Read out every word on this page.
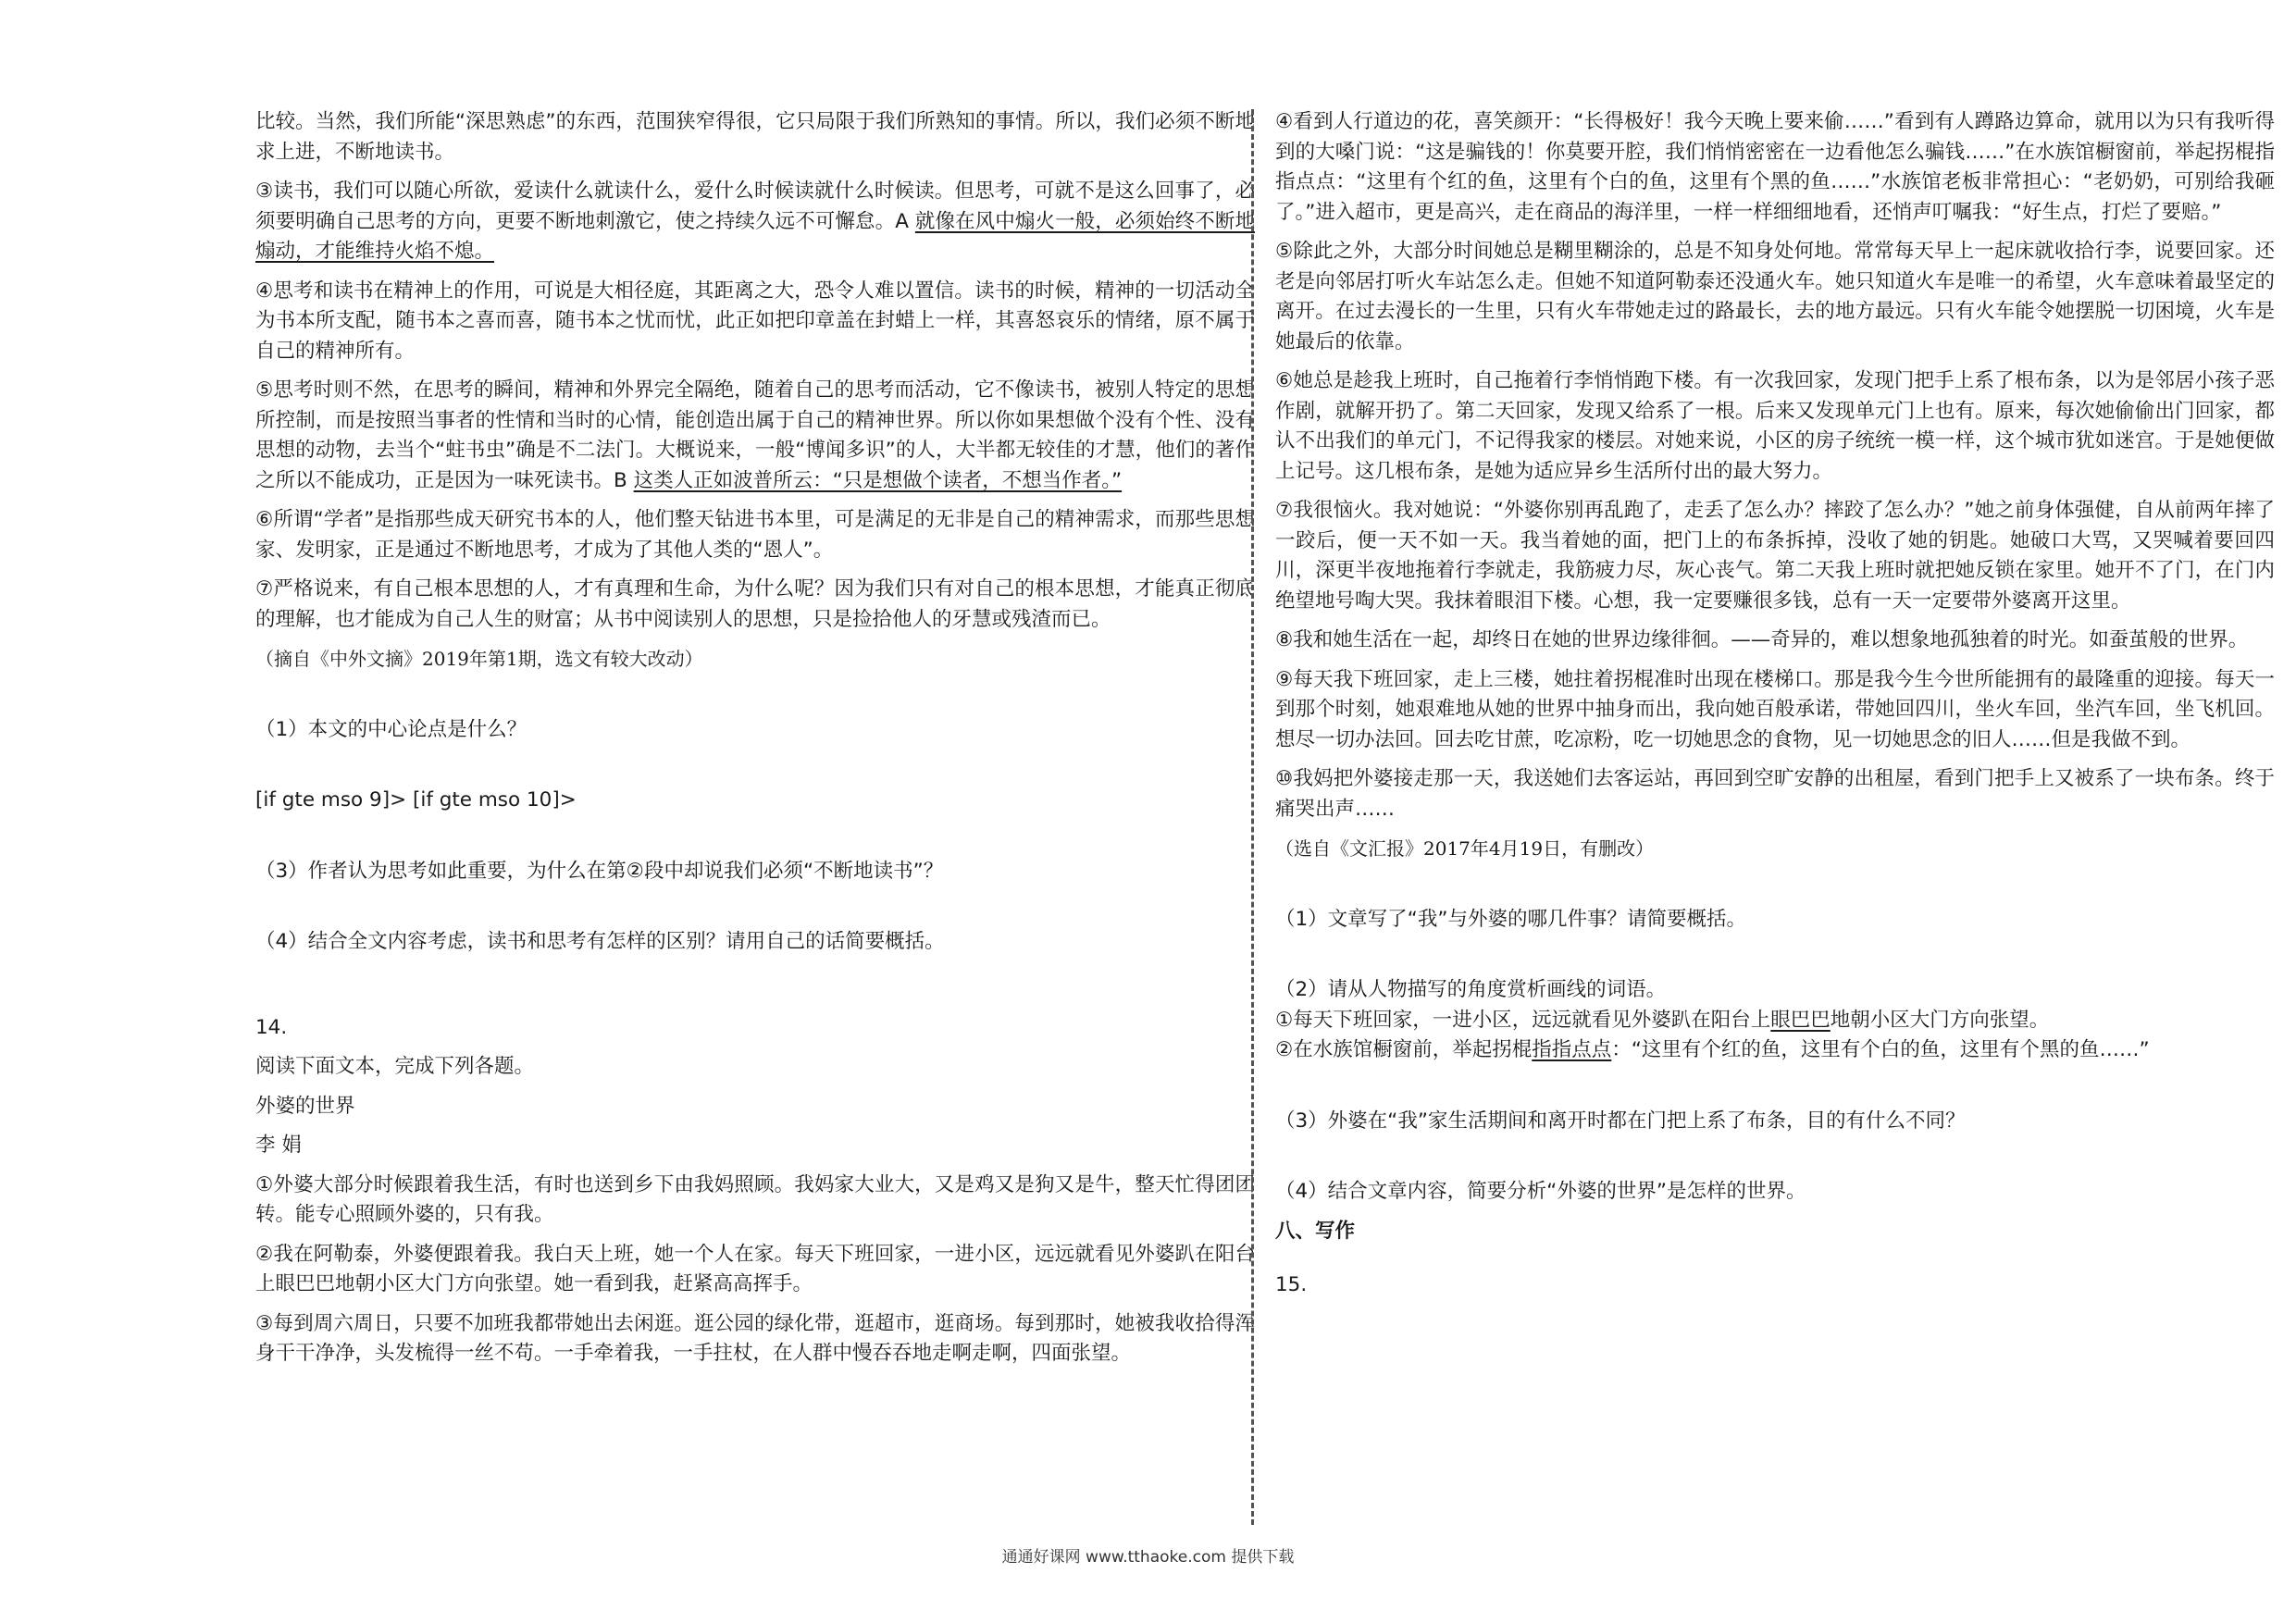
比较。当然，我们所能“深思熟虑”的东西，范围狭窄得很，它只局限于我们所熟知的事情。所以，我们必须不断地求上进，不断地读书。

③读书，我们可以随心所欲，爱读什么就读什么，爱什么时候读就什么时候读。但思考，可就不是这么回事了，必须要明确自己思考的方向，更要不断地刺激它，使之持续久远不可懈怠。A 就像在风中煽火一般，必须始终不断地煽动，才能维持火焰不熄。

④思考和读书在精神上的作用，可说是大相径庭，其距离之大，恐令人难以置信。读书的时候，精神的一切活动全为书本所支配，随书本之喜而喜，随书本之忧而忧，此正如把印章盖在封蜡上一样，其喜怒哀乐的情绪，原不属于自己的精神所有。

⑤思考时则不然，在思考的瞬间，精神和外界完全隔绝，随着自己的思考而活动，它不像读书，被别人特定的思想所控制，而是按照当事者的性情和当时的心情，能创造出属于自己的精神世界。所以你如果想做个没有个性、没有思想的动物，去当个“蛀书虫”确是不二法门。大概说来，一般“博闻多识”的人，大半都无较佳的才慧，他们的著作之所以不能成功，正是因为一味死读书。B 这类人正如波普所云：“只是想做个读者，不想当作者。”

⑥所谓“学者”是指那些成天研究书本的人，他们整天钻进书本里，可是满足的无非是自己的精神需求，而那些思想家、发明家，正是通过不断地思考，才成为了其他人类的“恩人”。

⑦严格说来，有自己根本思想的人，才有真理和生命，为什么呢？因为我们只有对自己的根本思想，才能真正彻底的理解，也才能成为自己人生的财富；从书中阅读别人的思想，只是捡拾他人的牙慧或残渣而已。

（摘自《中外文摘》2019年第1期，选文有较大改动）

（1）本文的中心论点是什么？

[if gte mso 9]> [if gte mso 10]>

（3）作者认为思考如此重要，为什么在第②段中却说我们必须“不断地读书”？

（4）结合全文内容考虑，读书和思考有怎样的区别？请用自己的话简要概括。

14.

阅读下面文本，完成下列各题。

外婆的世界

李 娟

①外婆大部分时候跟着我生活，有时也送到乡下由我妈照顾。我妈家大业大，又是鸡又是狗又是牛，整天忙得团团转。能专心照顾外婆的，只有我。

②我在阿勒泰，外婆便跟着我。我白天上班，她一个人在家。每天下班回家，一进小区，远远就看见外婆趴在阳台上眼巴巴地朝小区大门方向张望。她一看到我，赶紧高高挥手。

③每到周六周日，只要不加班我都带她出去闲逛。逛公园的绿化带，逛超市，逛商场。每到那时，她被我收拾得浑身干干净净，头发梳得一丝不苟。一手牵着我，一手拄杖，在人群中慢吞吞地走啊走啊，四面张望。

④看到人行道边的花，喜笑颜开：“长得极好！我今天晚上要来偷……”看到有人蹲路边算命，就用以为只有我听得到的大嗓门说：“这是骗钱的！你莫要开腔，我们悄悄密密在一边看他怎么骗钱……”在水族馆橱窗前，举起拐棍指指点点：“这里有个红的鱼，这里有个白的鱼，这里有个黑的鱼……”水族馆老板非常担心：“老奶奶，可别给我砸了。”进入超市，更是高兴，走在商品的海洋里，一样一样细细地看，还悄声叮嘱我：“好生点，打烂了要赔。”

⑤除此之外，大部分时间她总是糊里糊涂的，总是不知身处何地。常常每天早上一起床就收拾行李，说要回家。还老是向邻居打听火车站怎么走。但她不知道阿勒泰还没通火车。她只知道火车是唯一的希望，火车意味着最坚定的离开。在过去漫长的一生里，只有火车带她走过的路最长，去的地方最远。只有火车能令她摆脱一切困境，火车是她最后的依靠。

⑥她总是趁我上班时，自己拖着行李悄悄跑下楼。有一次我回家，发现门把手上系了根布条，以为是邻居小孩子恶作剧，就解开扔了。第二天回家，发现又给系了一根。后来又发现单元门上也有。原来，每次她偷偷出门回家，都认不出我们的单元门，不记得我家的楼层。对她来说，小区的房子统统一模一样，这个城市犹如迷宫。于是她便做上记号。这几根布条，是她为适应异乡生活所付出的最大努力。

⑦我很恼火。我对她说：“外婆你别再乱跑了，走丢了怎么办？摔跤了怎么办？”她之前身体强健，自从前两年摔了一跤后，便一天不如一天。我当着她的面，把门上的布条拆掉，没收了她的钥匙。她破口大骂，又哭喊着要回四川，深更半夜地拖着行李就走，我筋疲力尽，灰心丧气。第二天我上班时就把她反锁在家里。她开不了门，在门内绝望地号啕大哭。我抹着眼泪下楼。心想，我一定要赚很多钱，总有一天一定要带外婆离开这里。

⑧我和她生活在一起，却终日在她的世界边缘徘徊。——奇异的，难以想象地孤独着的时光。如蚕茧般的世界。

⑨每天我下班回家，走上三楼，她拄着拐棍准时出现在楼梯口。那是我今生今世所能拥有的最隆重的迎接。每天一到那个时刻，她艰难地从她的世界中抽身而出，我向她百般承诺，带她回四川，坐火车回，坐汽车回，坐飞机回。想尽一切办法回。回去吃甘蔗，吃凉粉，吃一切她思念的食物，见一切她思念的旧人……但是我做不到。

⑩我妈把外婆接走那一天，我送她们去客运站，再回到空旷安静的出租屋，看到门把手上又被系了一块布条。终于痛哭出声……

（选自《文汇报》2017年4月19日，有删改）

（1）文章写了“我”与外婆的哪几件事？请简要概括。

（2）请从人物描写的角度赏析画线的词语。

①每天下班回家，一进小区，远远就看见外婆趴在阳台上眼巴巴地朝小区大门方向张望。

②在水族馆橱窗前，举起拐棍指指点点：“这里有个红的鱼，这里有个白的鱼，这里有个黑的鱼……”

（3）外婆在“我”家生活期间和离开时都在门把上系了布条，目的有什么不同？

（4）结合文章内容，简要分析“外婆的世界”是怎样的世界。

八、写作

15.

通通好课网 www.tthaoke.com 提供下载
